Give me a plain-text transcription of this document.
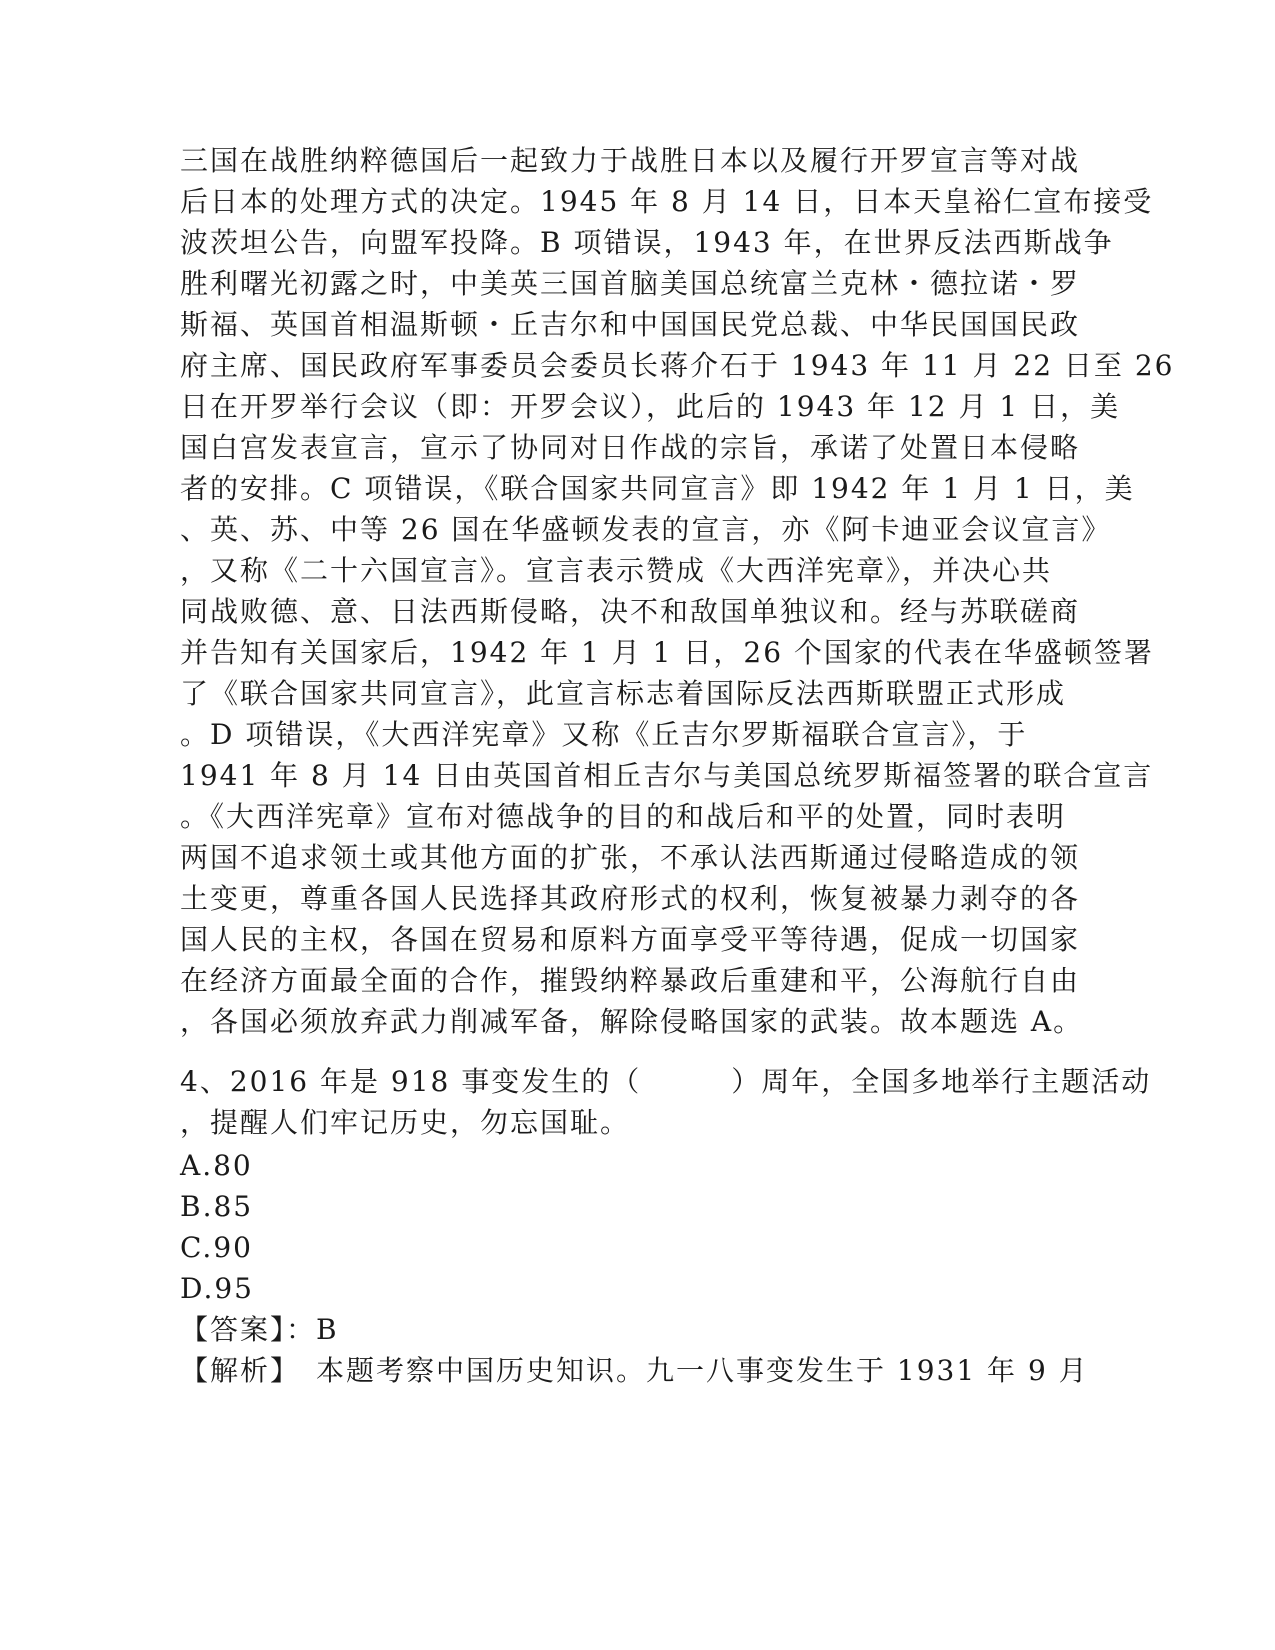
三国在战胜纳粹德国后一起致力于战胜日本以及履行开罗宣言等对战
后日本的处理方式的决定。1945 年 8 月 14 日，日本天皇裕仁宣布接受
波茨坦公告，向盟军投降。B 项错误，1943 年，在世界反法西斯战争
胜利曙光初露之时，中美英三国首脑美国总统富兰克林・德拉诺・罗
斯福、英国首相温斯顿・丘吉尔和中国国民党总裁、中华民国国民政
府主席、国民政府军事委员会委员长蒋介石于 1943 年 11 月 22 日至 26
日在开罗举行会议（即：开罗会议），此后的 1943 年 12 月 1 日，美
国白宫发表宣言，宣示了协同对日作战的宗旨，承诺了处置日本侵略
者的安排。C 项错误，《联合国家共同宣言》即 1942 年 1 月 1 日，美
、英、苏、中等 26 国在华盛顿发表的宣言，亦《阿卡迪亚会议宣言》
，又称《二十六国宣言》。宣言表示赞成《大西洋宪章》，并决心共
同战败德、意、日法西斯侵略，决不和敌国单独议和。经与苏联磋商
并告知有关国家后，1942 年 1 月 1 日，26 个国家的代表在华盛顿签署
了《联合国家共同宣言》，此宣言标志着国际反法西斯联盟正式形成
。D 项错误，《大西洋宪章》又称《丘吉尔罗斯福联合宣言》，于
1941 年 8 月 14 日由英国首相丘吉尔与美国总统罗斯福签署的联合宣言
。《大西洋宪章》宣布对德战争的目的和战后和平的处置，同时表明
两国不追求领土或其他方面的扩张，不承认法西斯通过侵略造成的领
土变更，尊重各国人民选择其政府形式的权利，恢复被暴力剥夺的各
国人民的主权，各国在贸易和原料方面享受平等待遇，促成一切国家
在经济方面最全面的合作，摧毁纳粹暴政后重建和平，公海航行自由
，各国必须放弃武力削减军备，解除侵略国家的武装。故本题选 A。
4、2016 年是 918 事变发生的（　　　）周年，全国多地举行主题活动
，提醒人们牢记历史，勿忘国耻。
A.80
B.85
C.90
D.95
【答案】：B
【解析】　本题考察中国历史知识。九一八事变发生于 1931 年 9 月
